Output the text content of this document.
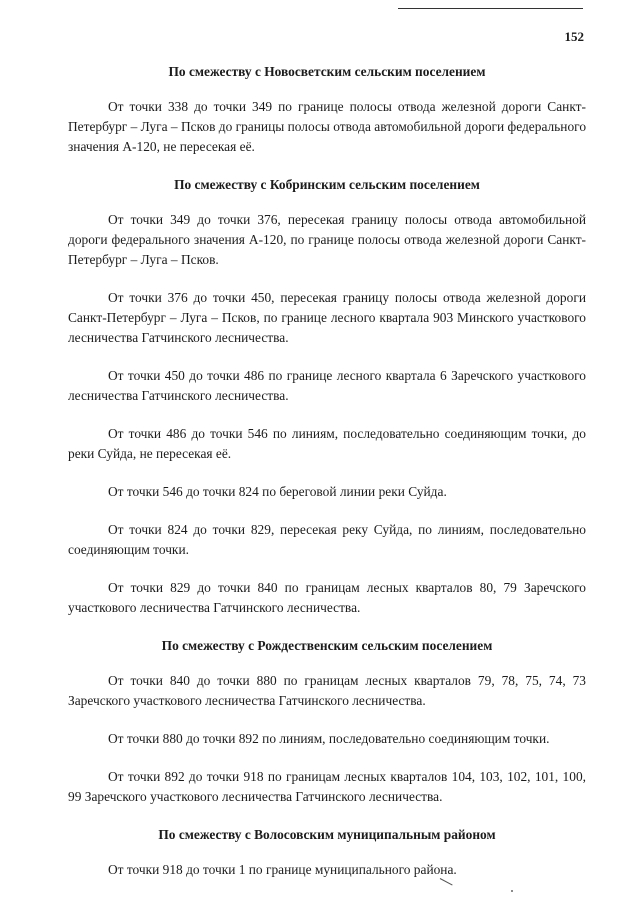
152
По смежеству с Новосветским сельским поселением

От точки 338 до точки 349 по границе полосы отвода железной дороги Санкт-Петербург – Луга – Псков до границы полосы отвода автомобильной дороги федерального значения А-120, не пересекая её.

По смежеству с Кобринским сельским поселением

От точки 349 до точки 376, пересекая границу полосы отвода автомобильной дороги федерального значения А-120, по границе полосы отвода железной дороги Санкт-Петербург – Луга – Псков.

От точки 376 до точки 450, пересекая границу полосы отвода железной дороги Санкт-Петербург – Луга – Псков, по границе лесного квартала 903 Минского участкового лесничества Гатчинского лесничества.

От точки 450 до точки 486 по границе лесного квартала 6 Заречского участкового лесничества Гатчинского лесничества.

От точки 486 до точки 546 по линиям, последовательно соединяющим точки, до реки Суйда, не пересекая её.

От точки 546 до точки 824 по береговой линии реки Суйда.

От точки 824 до точки 829, пересекая реку Суйда, по линиям, последовательно соединяющим точки.

От точки 829 до точки 840 по границам лесных кварталов 80, 79 Заречского участкового лесничества Гатчинского лесничества.

По смежеству с Рождественским сельским поселением

От точки 840 до точки 880 по границам лесных кварталов 79, 78, 75, 74, 73 Заречского участкового лесничества Гатчинского лесничества.

От точки 880 до точки 892 по линиям, последовательно соединяющим точки.

От точки 892 до точки 918 по границам лесных кварталов 104, 103, 102, 101, 100, 99 Заречского участкового лесничества Гатчинского лесничества.

По смежеству с Волосовским муниципальным районом

От точки 918 до точки 1 по границе муниципального района.
